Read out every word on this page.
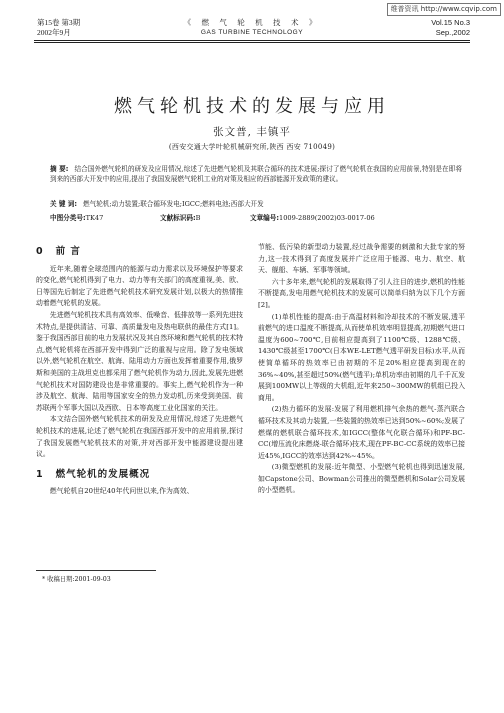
维普资讯 http://www.cqvip.com
第15卷 第3期
2002年9月
《 燃 气 轮 机 技 术 》
GAS TURBINE TECHNOLOGY
Vol.15 No.3
Sep.,2002
燃气轮机技术的发展与应用
张文普, 丰镇平
(西安交通大学叶轮机械研究所,陕西 西安 710049)
摘 要: 结合国外燃气轮机的研发及应用情况,综述了先进燃气轮机及其联合循环的技术进展;探讨了燃气轮机在我国的应用前景,特别是在即将到来的西部大开发中的应用,提出了我国发展燃气轮机工业的对策及相应的西部能源开发政策的建议。
关 键 词: 燃气轮机;动力装置;联合循环发电;IGCC;燃料电池;西部大开发
中图分类号:TK47	文献标识码:B	文章编号:1009-2889(2002)03-0017-06
0 前 言

近年来,随着全球范围内的能源与动力需求以及环境保护等要求的变化,燃气轮机得到了电力、动力等有关部门的高度重视,美、欧、日等国先后制定了先进燃气轮机技术研究发展计划,以极大的热情推动着燃气轮机的发展。

先进燃气轮机技术具有高效率、低噪音、低排放等一系列先进技术特点,是提供清洁、可靠、高质量发电及热电联供的最佳方式[1]。鉴于我国西部目前的电力发展状况及其自然环境和燃气轮机的技术特点,燃气轮机将在西部开发中得到广泛的重视与应用。除了发电领域以外,燃气轮机在航空、航海、陆用动力方面也发挥着重要作用,俄罗斯和美国的主战坦克也都采用了燃气轮机作为动力,因此,发展先进燃气轮机技术对国防建设也是非常重要的。事实上,燃气轮机作为一种涉及航空、航海、陆用等国家安全的热力发动机,历来受到美国、前苏联两个军事大国以及西欧、日本等高度工业化国家的关注。

本文结合国外燃气轮机技术的研发及应用情况,综述了先进燃气轮机技术的进展,论述了燃气轮机在我国西部开发中的应用前景,探讨了我国发展燃气轮机技术的对策,并对西部开发中能源建设提出建议。

1 燃气轮机的发展概况

燃气轮机自20世纪40年代问世以来,作为高效、

节能、低污染的新型动力装置,经过战争需要的刺激和大批专家的努力,这一技术得到了高度发展并广泛应用于能源、电力、航空、航天、舰船、车辆、军事等领域。

六十多年来,燃气轮机的发展取得了引人注目的进步,燃机的性能不断提高,发电用燃气轮机技术的发展可以简单归纳为以下几个方面[2]。

(1)单机性能的提高:由于高温材料和冷却技术的不断发展,透平前燃气的进口温度不断提高,从而使单机效率明显提高,初期燃气进口温度为600~700℃,目前相应提高到了1100℃级、1288℃级、1430℃级甚至1700℃(日本WE-LET燃气透平研发目标)水平,从而使简单循环的热效率已由初期的不足20%相应提高到现在的36%~40%,甚至超过50%(燃气透平);单机功率由初期的几千千瓦发展到100MW以上等级的大机组,近年来250~300MW的机组已投入商用。

(2)热力循环的发展:发展了利用燃机排气余热的燃气-蒸汽联合循环技术及其动力装置,一些装置的热效率已达到50%~60%;发展了燃煤的燃机联合循环技术,如IGCC(整体气化联合循环)和PF-BC-CC(增压流化床燃烧-联合循环)技术,现在PF-BC-CC系统的效率已接近45%,IGCC的效率达到42%~45%。

(3)微型燃机的发展:近年微型、小型燃气轮机也得到迅速发展,如Capstone公司、Bowman公司推出的微型燃机和Solar公司发展的小型燃机。

* 收稿日期:2001-09-03
